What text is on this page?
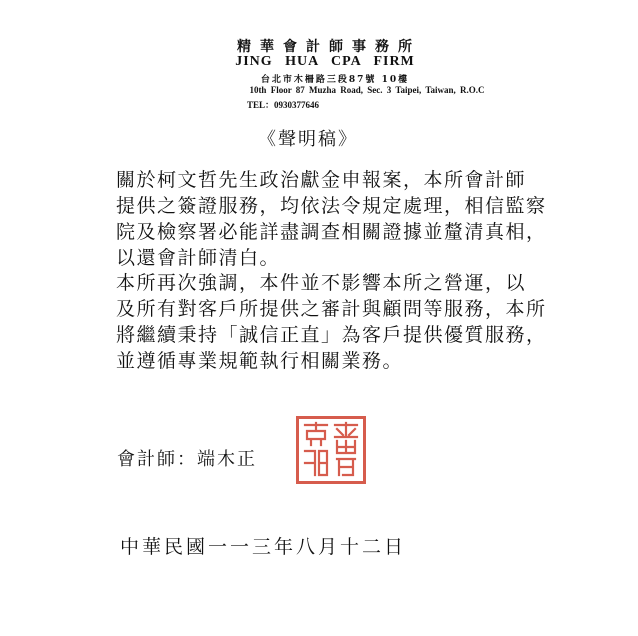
精華會計師事務所
JING HUA CPA FIRM
台北市木柵路三段87號 10樓
10th Floor 87 Muzha Road, Sec. 3 Taipei, Taiwan, R.O.C
TEL：0930377646
《聲明稿》
關於柯文哲先生政治獻金申報案，本所會計師
提供之簽證服務，均依法令規定處理，相信監察
院及檢察署必能詳盡調查相關證據並釐清真相，
以還會計師清白。
本所再次強調，本件並不影響本所之營運，以
及所有對客戶所提供之審計與顧問等服務，本所
將繼續秉持「誠信正直」為客戶提供優質服務，
並遵循專業規範執行相關業務。
會計師：端木正
中華民國一一三年八月十二日
